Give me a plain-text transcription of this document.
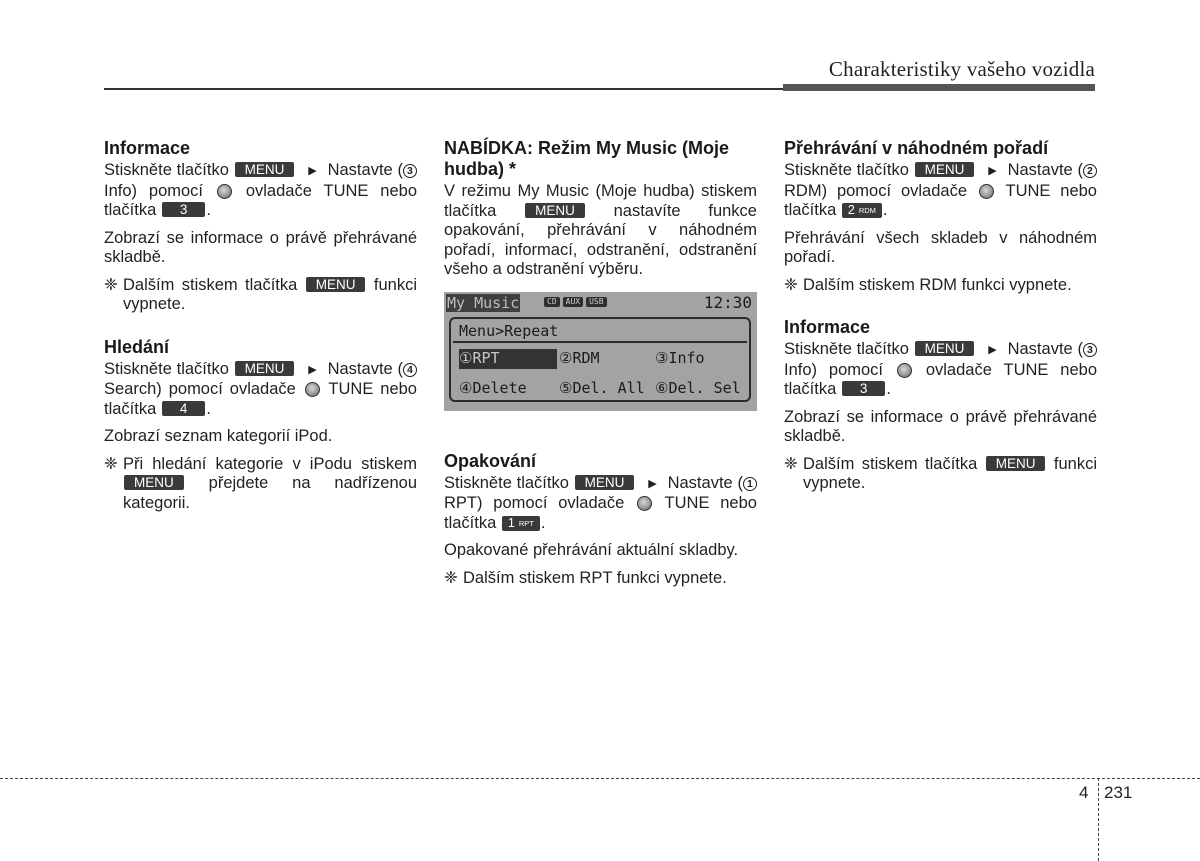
Charakteristiky vašeho vozidla
Informace

Stiskněte tlačítko MENU ▶ Nastavte ( 3Info) pomocí	ovladače TUNE nebo tlačítka 3 .

Zobrazí se informace o právě přehrávané skladbě.

❈ Dalším stiskem tlačítka MENU funkci vypnete.
Hledání

Stiskněte tlačítko MENU ▶ Nastavte ( 4Search) pomocí ovladače TUNE nebo tlačítka 4 .

Zobrazí seznam kategorií iPod.

❈ Při hledání kategorie v iPodu stiskem MENU přejdete na nadřízenou kategorii.
NABÍDKA: Režim My Music (Moje hudba) *

V režimu My Music (Moje hudba) stiskem tlačítka	MENU nastavíte funkce opakování, přehrávání v náhodném pořadí, informací, odstranění, odstranění všeho a odstranění výběru.

My Music	CD	AUX	USB	12:30
Menu>Repeat
①RPT	②RDM	③Info
④Delete ⑤Del. All ⑥Del. Sel
Opakování

Stiskněte tlačítko MENU ▶ Nastavte ( 1RPT) pomocí ovladače TUNE nebo tlačítka 1 RPT .

Opakované přehrávání aktuální skladby.

❈ Dalším stiskem RPT funkci vypnete.
Přehrávání v náhodném pořadí

Stiskněte tlačítko MENU ▶ Nastavte ( 2RDM) pomocí ovladače TUNE nebo tlačítka 2 RDM .

Přehrávání všech skladeb v náhodném pořadí.

❈ Dalším stiskem RDM funkci vypnete.
Informace

Stiskněte tlačítko MENU ▶ Nastavte ( 3Info) pomocí	ovladače TUNE nebo tlačítka 3 .

Zobrazí se informace o právě přehrávané skladbě.

❈ Dalším stiskem tlačítka MENU funkci vypnete.
4 231
